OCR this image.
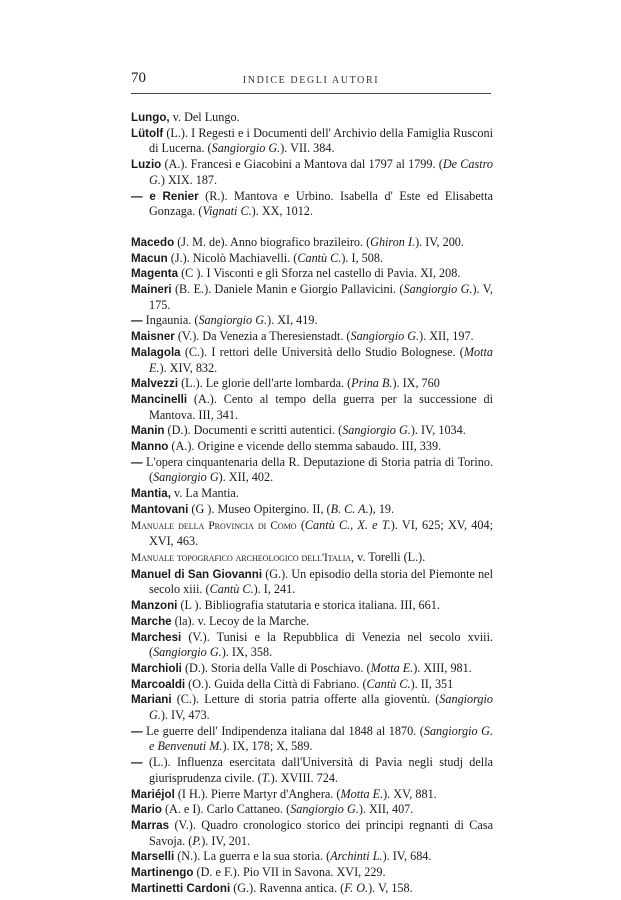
70	INDICE DEGLI AUTORI

Lungo, v. Del Lungo.

Lütolf (L.). I Regesti e i Documenti dell' Archivio della Famiglia Rusconi di Lucerna. (Sangiorgio G.). VII. 384.

Luzio (A.). Francesi e Giacobini a Mantova dal 1797 al 1799. (De Castro G.) XIX. 187.

— e Renier (R.). Mantova e Urbino. Isabella d' Este ed Elisabetta Gonzaga. (Vignati C.). XX, 1012.

Macedo (J. M. de). Anno biografico brazileiro. (Ghiron I.). IV, 200.

Macun (J.). Nicolò Machiavelli. (Cantù C.). I, 508.

Magenta (C ). I Visconti e gli Sforza nel castello di Pavia. XI, 208.

Maineri (B. E.). Daniele Manin e Giorgio Pallavicini. (Sangiorgio G.). V, 175.

— Ingaunia. (Sangiorgio G.). XI, 419.

Maisner (V.). Da Venezia a Theresienstadt. (Sangiorgio G.). XII, 197.

Malagola (C.). I rettori delle Università dello Studio Bolognese. (Motta E.). XIV, 832.

Malvezzi (L.). Le glorie dell'arte lombarda. (Prina B.). IX, 760

Mancinelli (A.). Cento al tempo della guerra per la successione di Mantova. III, 341.

Manin (D.). Documenti e scritti autentici. (Sangiorgio G.). IV, 1034.

Manno (A.). Origine e vicende dello stemma sabaudo. III, 339.

— L'opera cinquantenaria della R. Deputazione di Storia patria di Torino. (Sangiorgio G). XII, 402.

Mantia, v. La Mantia.

Mantovani (G ). Museo Opitergino. II, (B. C. A.), 19.

Manuale della Provincia di Como (Cantù C., X. e T.). VI, 625; XV, 404; XVI, 463.

Manuale topografico archeologico dell'Italia, v. Torelli (L.).

Manuel di San Giovanni (G.). Un episodio della storia del Piemonte nel secolo xiii. (Cantù C.). I, 241.

Manzoni (L ). Bibliografia statutaria e storica italiana. III, 661.

Marche (la). v. Lecoy de la Marche.

Marchesi (V.). Tunisi e la Repubblica di Venezia nel secolo xviii. (Sangiorgio G.). IX, 358.

Marchioli (D.). Storia della Valle di Poschiavo. (Motta E.). XIII, 981.

Marcoaldi (O.). Guida della Città di Fabriano. (Cantù C.). II, 351

Mariani (C.). Letture di storia patria offerte alla gioventù. (Sangiorgio G.). IV, 473.

— Le guerre dell' Indipendenza italiana dal 1848 al 1870. (Sangiorgio G. e Benvenuti M.). IX, 178; X, 589.

— (L.). Influenza esercitata dall'Università di Pavia negli studj della giurisprudenza civile. (T.). XVIII. 724.

Mariéjol (I H.). Pierre Martyr d'Anghera. (Motta E.). XV, 881.

Mario (A. e I). Carlo Cattaneo. (Sangiorgio G.). XII, 407.

Marras (V.). Quadro cronologico storico dei principi regnanti di Casa Savoja. (P.). IV, 201.

Marselli (N.). La guerra e la sua storia. (Archinti L.). IV, 684.

Martinengo (D. e F.). Pio VII in Savona. XVI, 229.

Martinetti Cardoni (G.). Ravenna antica. (F. O.). V, 158.
